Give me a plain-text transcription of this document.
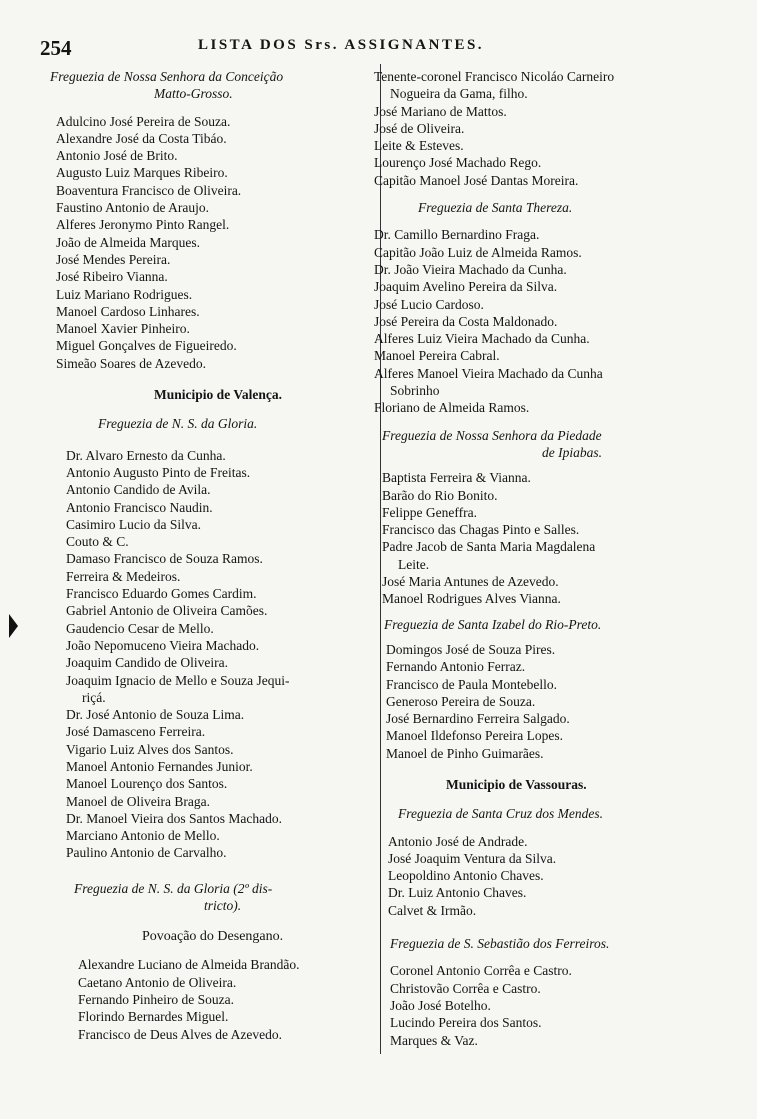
254	LISTA DOS Srs. ASSIGNANTES.
Freguezia de Nossa Senhora da Conceição
Matto-Grosso.
Adulcino José Pereira de Souza.
Alexandre José da Costa Tibáo.
Antonio José de Brito.
Augusto Luiz Marques Ribeiro.
Boaventura Francisco de Oliveira.
Faustino Antonio de Araujo.
Alferes Jeronymo Pinto Rangel.
João de Almeida Marques.
José Mendes Pereira.
José Ribeiro Vianna.
Luiz Mariano Rodrigues.
Manoel Cardoso Linhares.
Manoel Xavier Pinheiro.
Miguel Gonçalves de Figueiredo.
Simeão Soares de Azevedo.
Municipio de Valença.
Freguezia de N. S. da Gloria.
Dr. Alvaro Ernesto da Cunha.
Antonio Augusto Pinto de Freitas.
Antonio Candido de Avila.
Antonio Francisco Naudin.
Casimiro Lucio da Silva.
Couto & C.
Damaso Francisco de Souza Ramos.
Ferreira & Medeiros.
Francisco Eduardo Gomes Cardim.
Gabriel Antonio de Oliveira Camões.
Gaudencio Cesar de Mello.
João Nepomuceno Vieira Machado.
Joaquim Candido de Oliveira.
Joaquim Ignacio de Mello e Souza Jequi-
riçá.
Dr. José Antonio de Souza Lima.
José Damasceno Ferreira.
Vigario Luiz Alves dos Santos.
Manoel Antonio Fernandes Junior.
Manoel Lourenço dos Santos.
Manoel de Oliveira Braga.
Dr. Manoel Vieira dos Santos Machado.
Marciano Antonio de Mello.
Paulino Antonio de Carvalho.
Freguezia de N. S. da Gloria (2º dis-
tricto).
Povoação do Desengano.
Alexandre Luciano de Almeida Brandão.
Caetano Antonio de Oliveira.
Fernando Pinheiro de Souza.
Florindo Bernardes Miguel.
Francisco de Deus Alves de Azevedo.
Tenente-coronel Francisco Nicoláo Carneiro
Nogueira da Gama, filho.
José Mariano de Mattos.
José de Oliveira.
Leite & Esteves.
Lourenço José Machado Rego.
Capitão Manoel José Dantas Moreira.
Freguezia de Santa Thereza.
Dr. Camillo Bernardino Fraga.
Capitão João Luiz de Almeida Ramos.
Dr. João Vieira Machado da Cunha.
Joaquim Avelino Pereira da Silva.
José Lucio Cardoso.
José Pereira da Costa Maldonado.
Alferes Luiz Vieira Machado da Cunha.
Manoel Pereira Cabral.
Alferes Manoel Vieira Machado da Cunha
Sobrinho
Floriano de Almeida Ramos.
Freguezia de Nossa Senhora da Piedade
de Ipiabas.
Baptista Ferreira & Vianna.
Barão do Rio Bonito.
Felippe Geneffra.
Francisco das Chagas Pinto e Salles.
Padre Jacob de Santa Maria Magdalena
Leite.
José Maria Antunes de Azevedo.
Manoel Rodrigues Alves Vianna.
Freguezia de Santa Izabel do Rio-Preto.
Domingos José de Souza Pires.
Fernando Antonio Ferraz.
Francisco de Paula Montebello.
Generoso Pereira de Souza.
José Bernardino Ferreira Salgado.
Manoel Ildefonso Pereira Lopes.
Manoel de Pinho Guimarães.
Municipio de Vassouras.
Freguezia de Santa Cruz dos Mendes.
Antonio José de Andrade.
José Joaquim Ventura da Silva.
Leopoldino Antonio Chaves.
Dr. Luiz Antonio Chaves.
Calvet & Irmão.
Freguezia de S. Sebastião dos Ferreiros.
Coronel Antonio Corrêa e Castro.
Christovão Corrêa e Castro.
João José Botelho.
Lucindo Pereira dos Santos.
Marques & Vaz.
